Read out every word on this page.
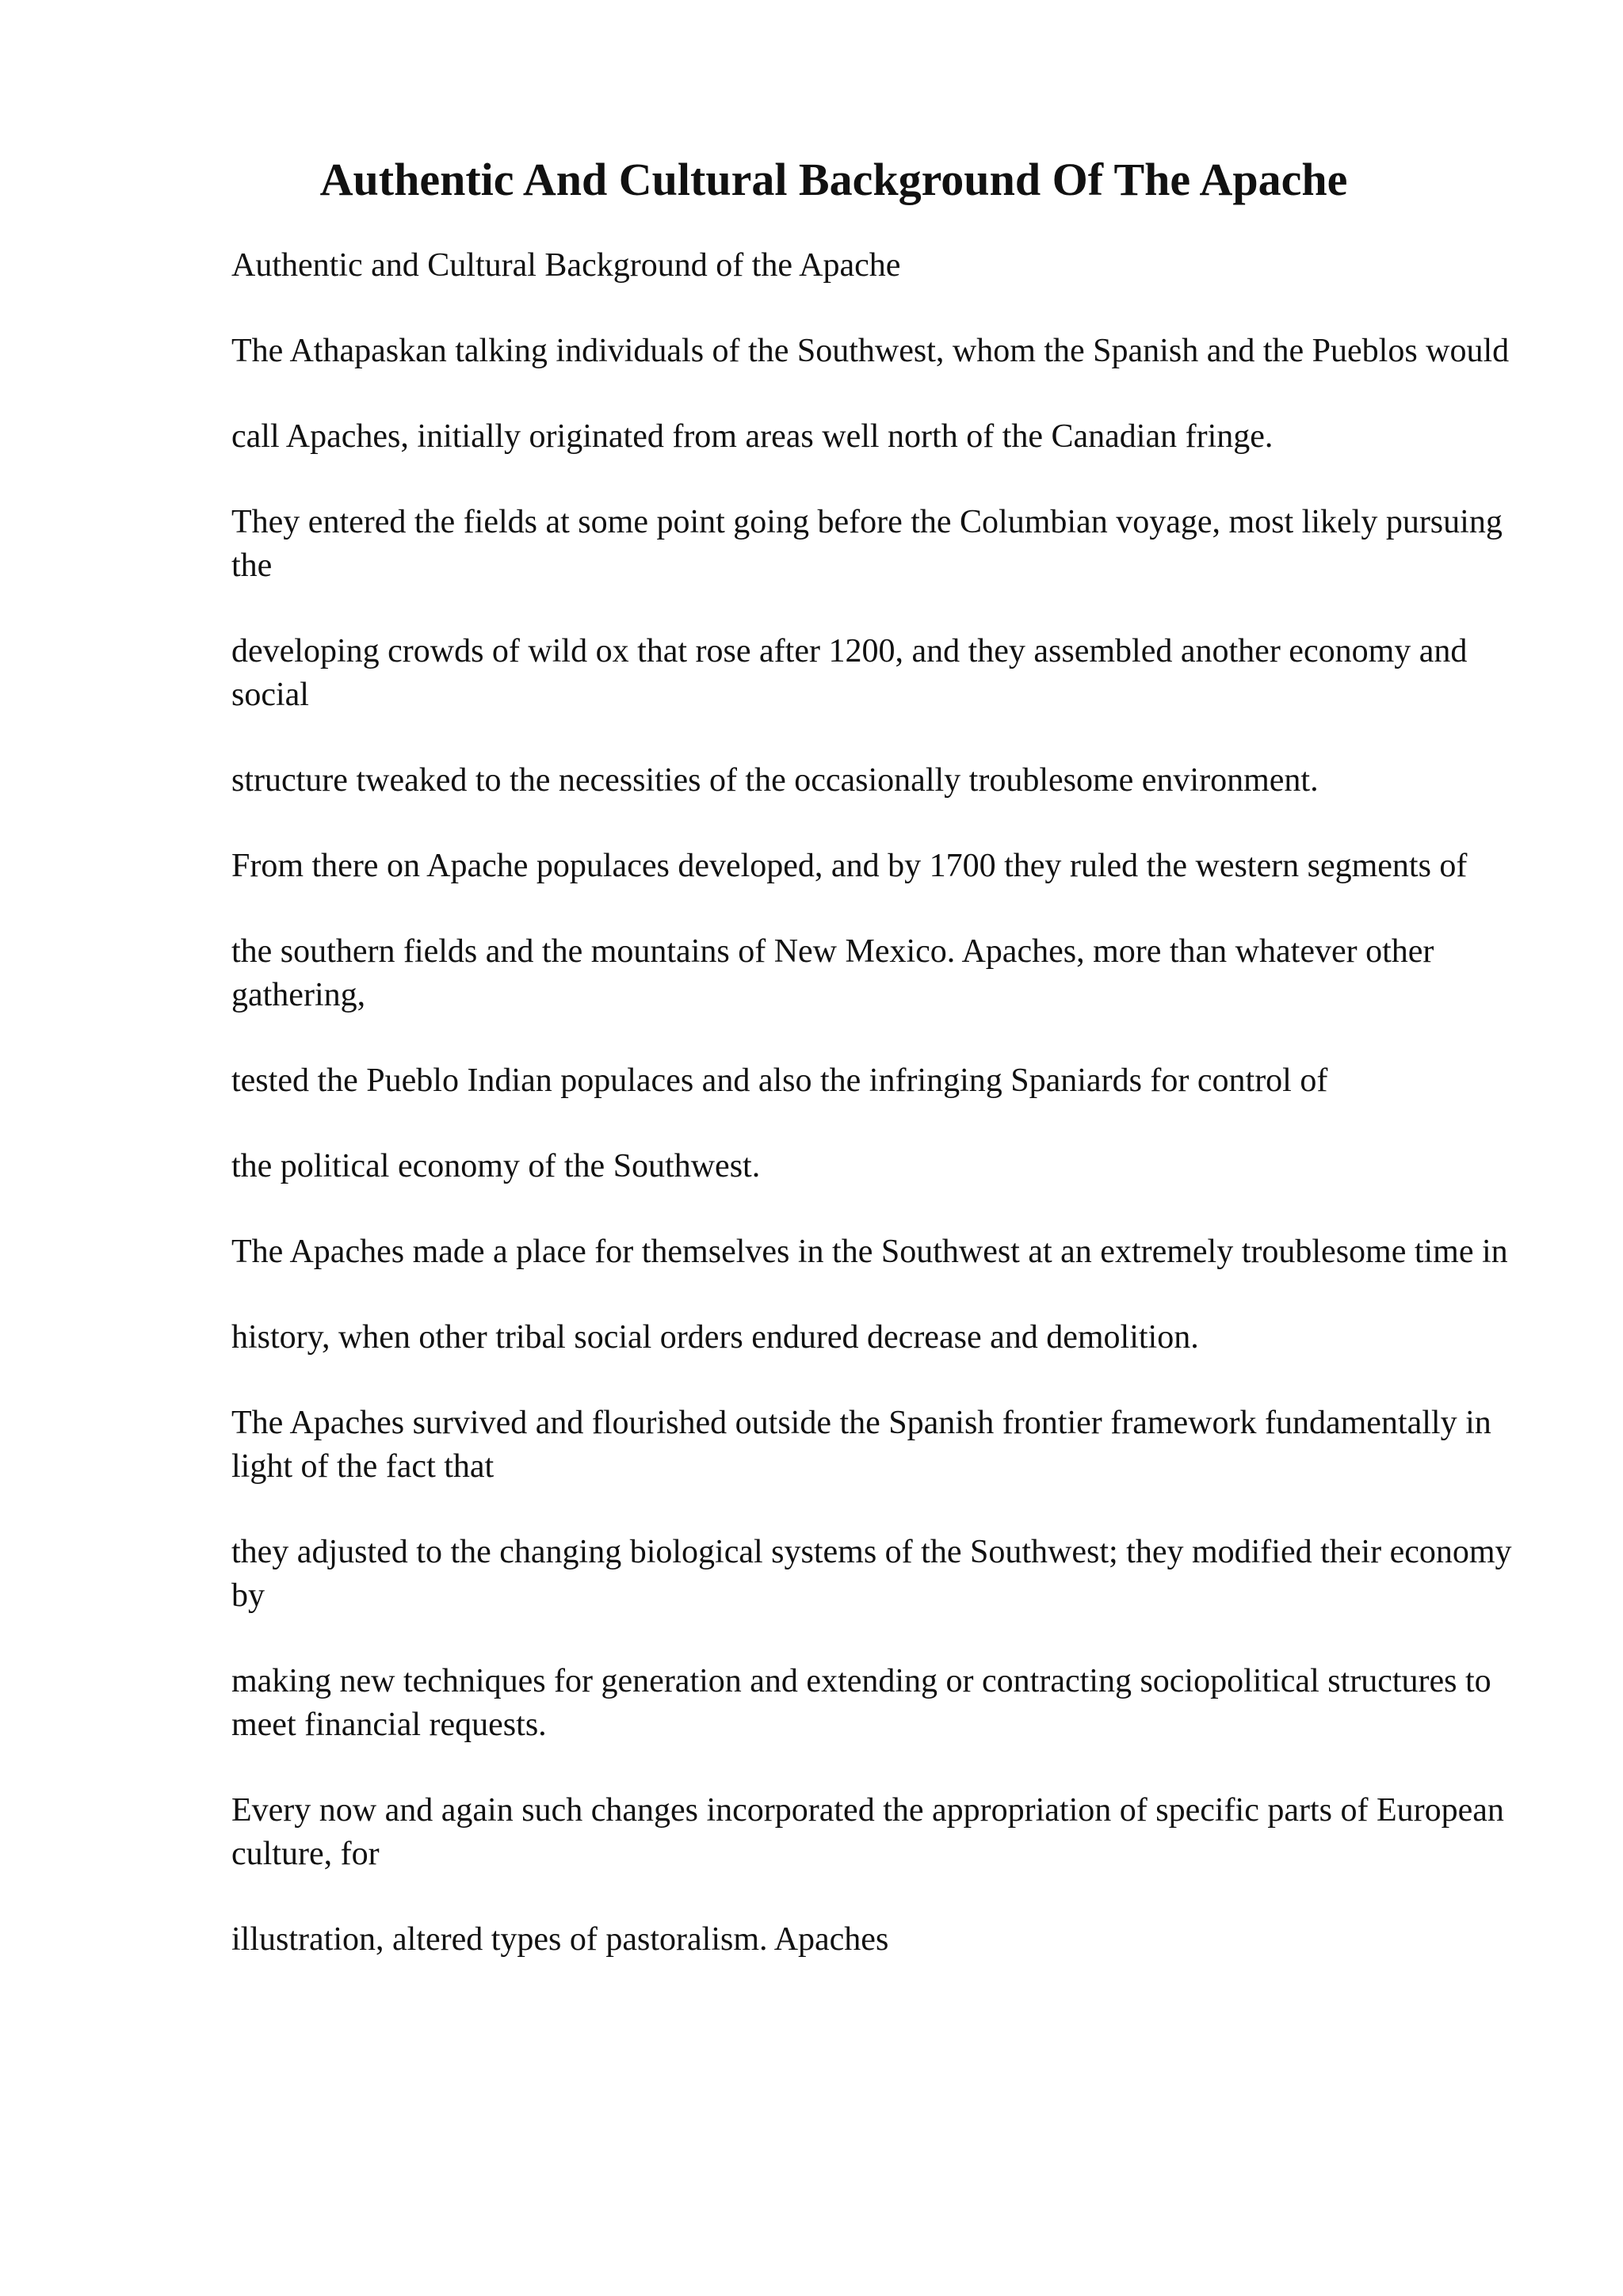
Authentic And Cultural Background Of The Apache

Authentic and Cultural Background of the Apache

The Athapaskan talking individuals of the Southwest, whom the Spanish and the Pueblos would

call Apaches, initially originated from areas well north of the Canadian fringe.

They entered the fields at some point going before the Columbian voyage, most likely pursuing the

developing crowds of wild ox that rose after 1200, and they assembled another economy and social

structure tweaked to the necessities of the occasionally troublesome environment.

From there on Apache populaces developed, and by 1700 they ruled the western segments of

the southern fields and the mountains of New Mexico. Apaches, more than whatever other gathering,

tested the Pueblo Indian populaces and also the infringing Spaniards for control of

the political economy of the Southwest.

The Apaches made a place for themselves in the Southwest at an extremely troublesome time in

history, when other tribal social orders endured decrease and demolition.

The Apaches survived and flourished outside the Spanish frontier framework fundamentally in light of the fact that

they adjusted to the changing biological systems of the Southwest; they modified their economy by

making new techniques for generation and extending or contracting sociopolitical structures to meet financial requests.

Every now and again such changes incorporated the appropriation of specific parts of European culture, for

illustration, altered types of pastoralism. Apaches
